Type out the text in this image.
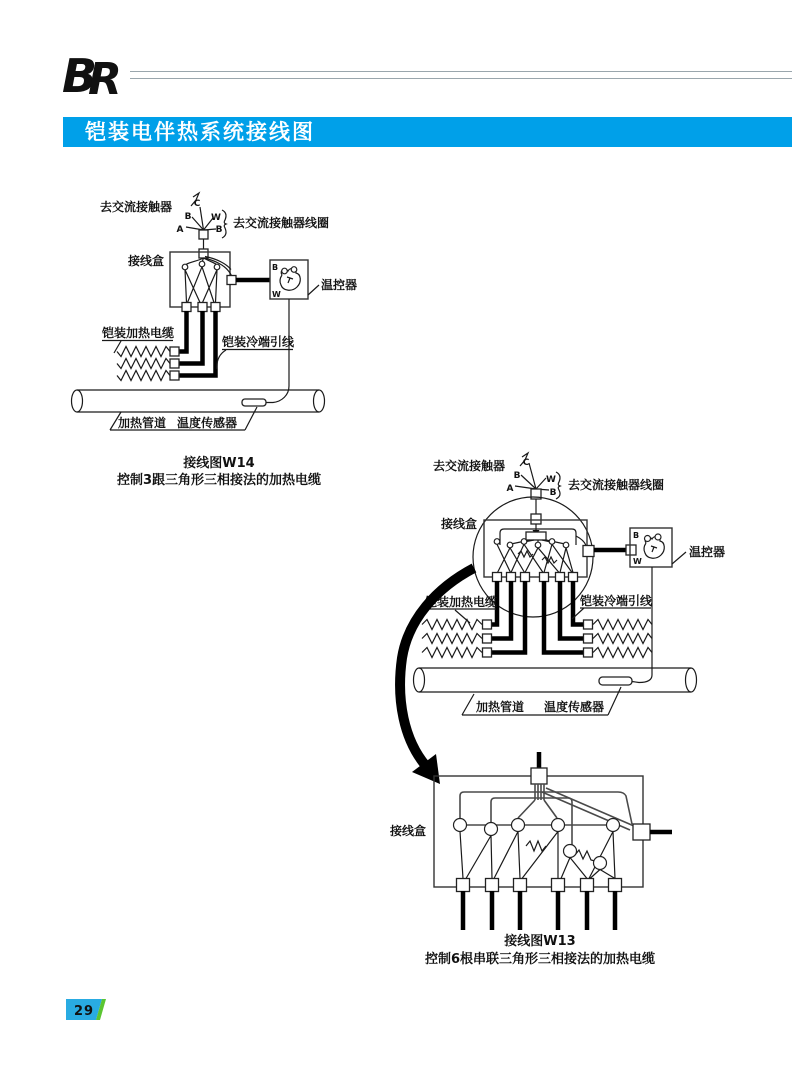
B
R
铠装电伴热系统接线图
去交流接触器
A
B
C
W
B 去交流接触器线圈
接线盒	B
W
温控器
铠装加热电缆
铠装冷端引线
加热管道 温度传感器
接线图W14
控制3跟三角形三相接法的加热电缆
去交流接触器
A
B
C
W
B
去交流接触器线圈
接线盒
B
W
温控器
铠装加热电缆	铠装冷端引线
加热管道 温度传感器
接线盒
接线图W13
控制6根串联三角形三相接法的加热电缆
29
